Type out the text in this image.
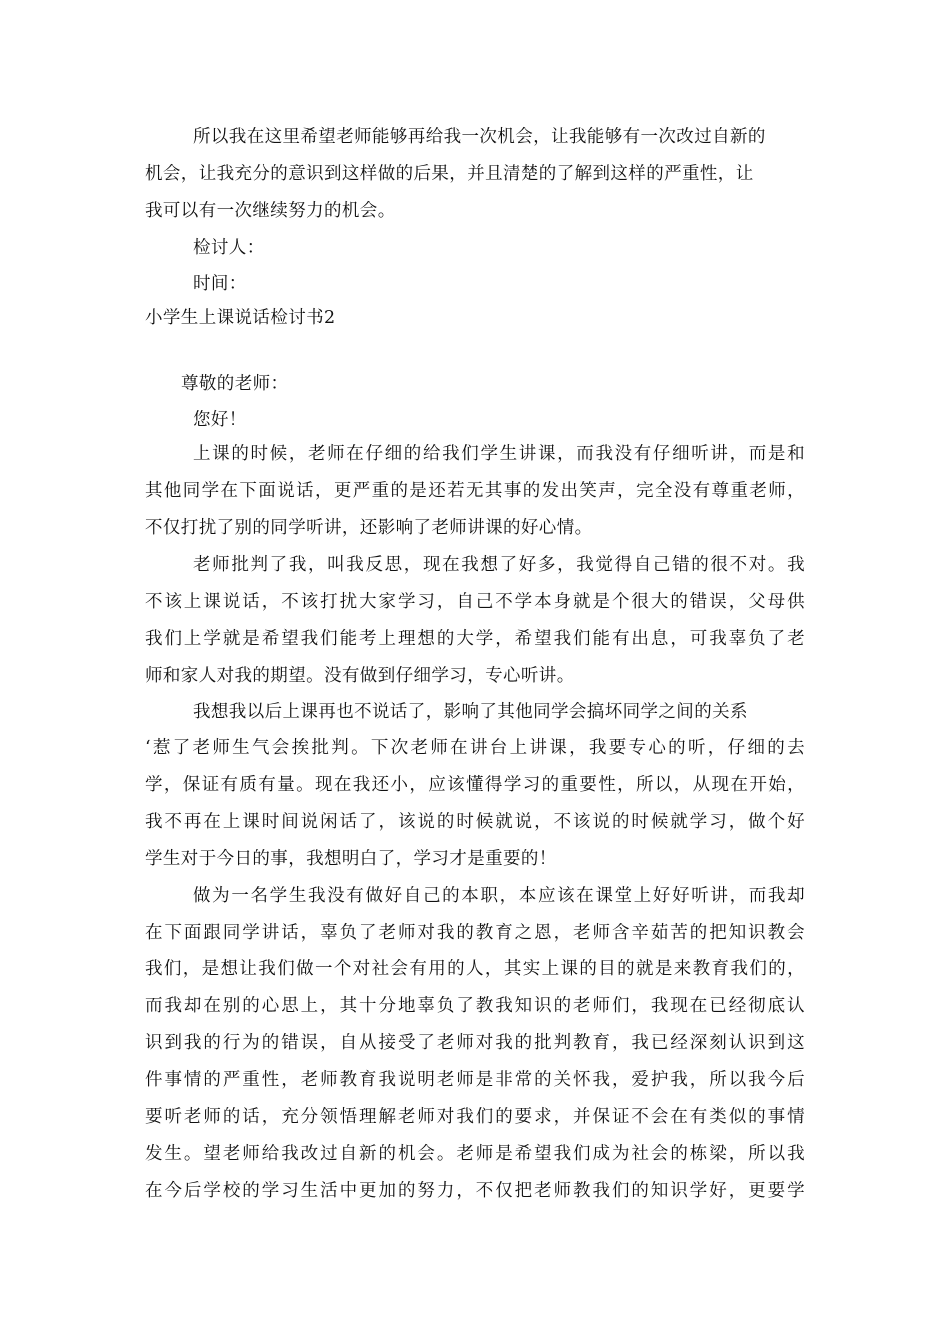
所以我在这里希望老师能够再给我一次机会，让我能够有一次改过自新的
机会，让我充分的意识到这样做的后果，并且清楚的了解到这样的严重性，让
我可以有一次继续努力的机会。
检讨人：
时间：
小学生上课说话检讨书2
尊敬的老师：
您好！
上课的时候，老师在仔细的给我们学生讲课，而我没有仔细听讲，而是和
其他同学在下面说话，更严重的是还若无其事的发出笑声，完全没有尊重老师，
不仅打扰了别的同学听讲，还影响了老师讲课的好心情。
老师批判了我，叫我反思，现在我想了好多，我觉得自己错的很不对。我
不该上课说话，不该打扰大家学习，自己不学本身就是个很大的错误，父母供
我们上学就是希望我们能考上理想的大学，希望我们能有出息，可我辜负了老
师和家人对我的期望。没有做到仔细学习，专心听讲。
我想我以后上课再也不说话了，影响了其他同学会搞坏同学之间的关系
‘惹了老师生气会挨批判。下次老师在讲台上讲课，我要专心的听，仔细的去
学，保证有质有量。现在我还小，应该懂得学习的重要性，所以，从现在开始，
我不再在上课时间说闲话了，该说的时候就说，不该说的时候就学习，做个好
学生对于今日的事，我想明白了，学习才是重要的！
做为一名学生我没有做好自己的本职，本应该在课堂上好好听讲，而我却
在下面跟同学讲话，辜负了老师对我的教育之恩，老师含辛茹苦的把知识教会
我们，是想让我们做一个对社会有用的人，其实上课的目的就是来教育我们的，
而我却在别的心思上，其十分地辜负了教我知识的老师们，我现在已经彻底认
识到我的行为的错误，自从接受了老师对我的批判教育，我已经深刻认识到这
件事情的严重性，老师教育我说明老师是非常的关怀我，爱护我，所以我今后
要听老师的话，充分领悟理解老师对我们的要求，并保证不会在有类似的事情
发生。望老师给我改过自新的机会。老师是希望我们成为社会的栋梁，所以我
在今后学校的学习生活中更加的努力，不仅把老师教我们的知识学好，更要学
